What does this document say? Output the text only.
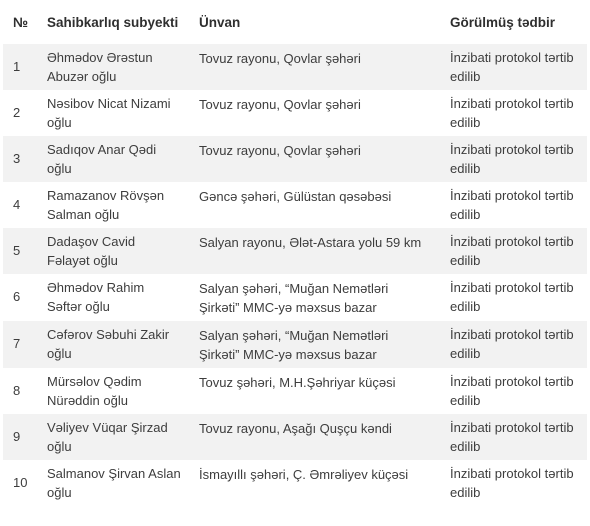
№	Sahibkarlıq subyekti	Ünvan	Görülmüş tədbir
1	Əhmədov Ərəstun Abuzər oğlu	Tovuz rayonu, Qovlar şəhəri	İnzibati protokol tərtib edilib
2	Nəsibov Nicat Nizami oğlu	Tovuz rayonu, Qovlar şəhəri	İnzibati protokol tərtib edilib
3	Sadıqov Anar Qədi oğlu	Tovuz rayonu, Qovlar şəhəri	İnzibati protokol tərtib edilib
4	Ramazanov Rövşən Salman oğlu	Gəncə şəhəri, Gülüstan qəsəbəsi	İnzibati protokol tərtib edilib
5	Dadaşov Cavid Fəlayət oğlu	Salyan rayonu, Ələt-Astara yolu 59 km	İnzibati protokol tərtib edilib
6	Əhmədov Rahim Səftər oğlu	Salyan şəhəri, “Muğan Nemətləri Şirkəti” MMC-yə məxsus bazar	İnzibati protokol tərtib edilib
7	Cəfərov Səbuhi Zakir oğlu	Salyan şəhəri, “Muğan Nemətləri Şirkəti” MMC-yə məxsus bazar	İnzibati protokol tərtib edilib
8	Mürsəlov Qədim Nürəddin oğlu	Tovuz şəhəri, M.H.Şəhriyar küçəsi	İnzibati protokol tərtib edilib
9	Vəliyev Vüqar Şirzad oğlu	Tovuz rayonu, Aşağı Quşçu kəndi	İnzibati protokol tərtib edilib
10	Salmanov Şirvan Aslan oğlu	İsmayıllı şəhəri, Ç. Əmrəliyev küçəsi	İnzibati protokol tərtib edilib
